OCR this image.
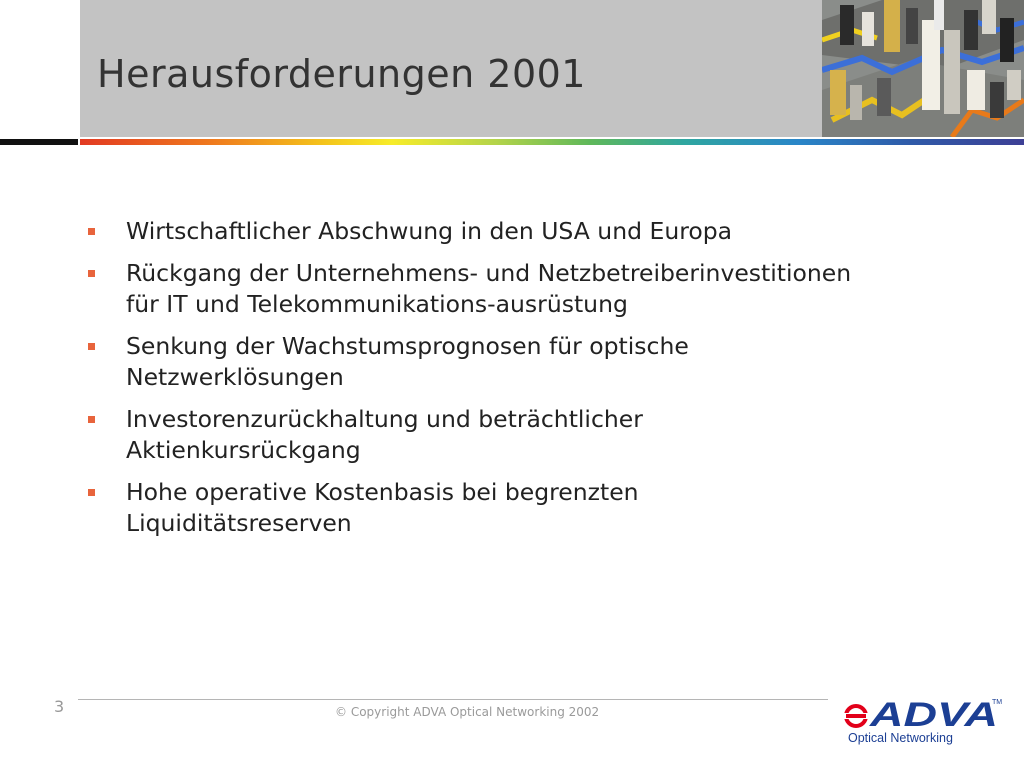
Herausforderungen 2001
Wirtschaftlicher Abschwung in den USA und Europa
Rückgang der Unternehmens- und Netzbetreiberinvestitionen
für IT und Telekommunikations-ausrüstung
Senkung der Wachstumsprognosen für optische
Netzwerklösungen
Investorenzurückhaltung und beträchtlicher
Aktienkursrückgang
Hohe operative Kostenbasis bei begrenzten
Liquiditätsreserven
3	© Copyright ADVA Optical Networking 2002	ADVA
TM
Optical Networking
